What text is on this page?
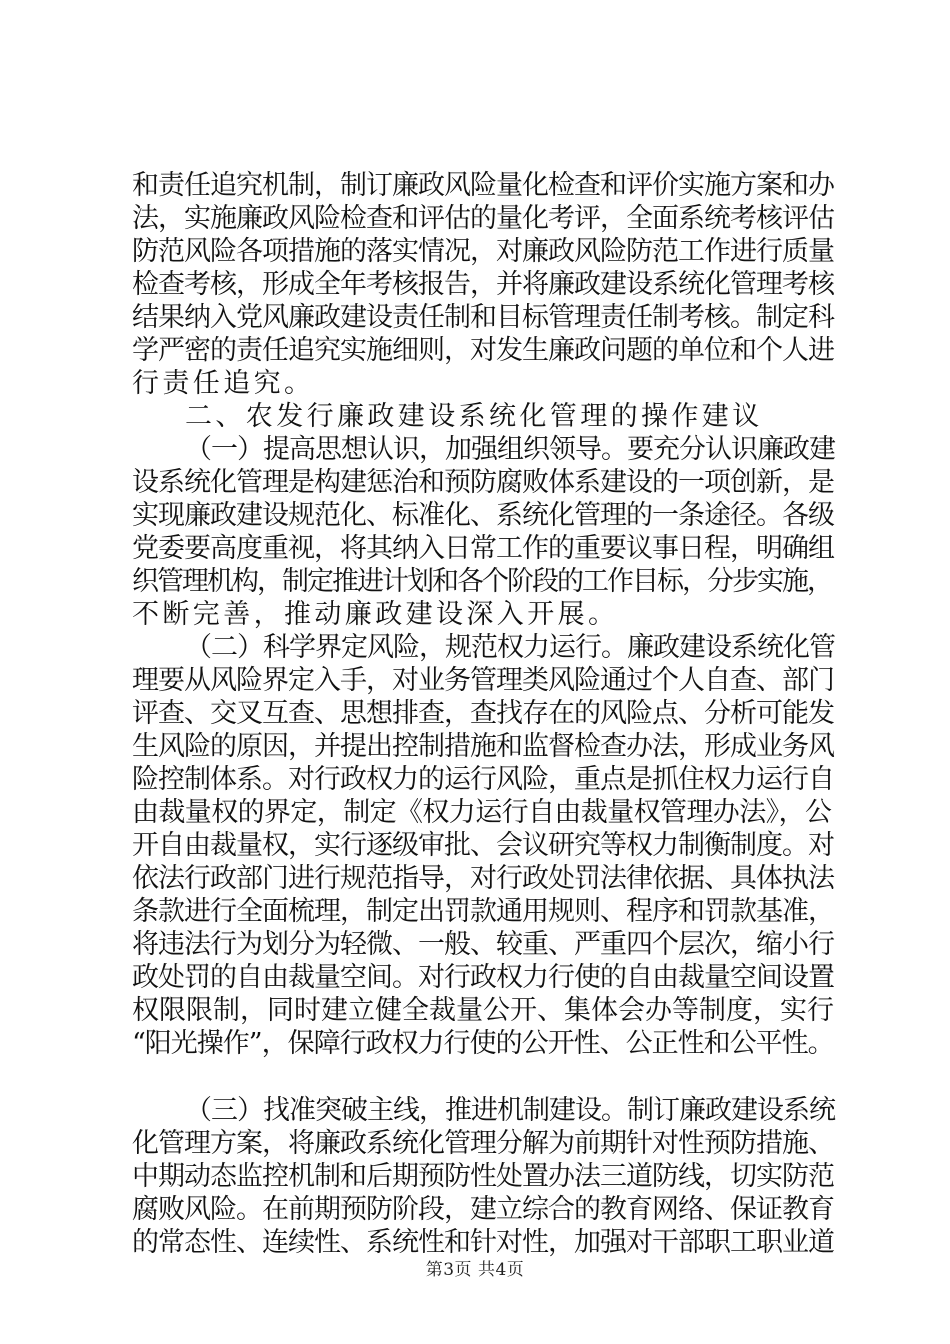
和责任追究机制，制订廉政风险量化检查和评价实施方案和办
法，实施廉政风险检查和评估的量化考评，全面系统考核评估
防范风险各项措施的落实情况，对廉政风险防范工作进行质量
检查考核，形成全年考核报告，并将廉政建设系统化管理考核
结果纳入党风廉政建设责任制和目标管理责任制考核。制定科
学严密的责任追究实施细则，对发生廉政问题的单位和个人进
行责任追究。
二、农发行廉政建设系统化管理的操作建议
（一）提高思想认识，加强组织领导。要充分认识廉政建
设系统化管理是构建惩治和预防腐败体系建设的一项创新，是
实现廉政建设规范化、标准化、系统化管理的一条途径。各级
党委要高度重视，将其纳入日常工作的重要议事日程，明确组
织管理机构，制定推进计划和各个阶段的工作目标，分步实施，
不断完善，推动廉政建设深入开展。
（二）科学界定风险，规范权力运行。廉政建设系统化管
理要从风险界定入手，对业务管理类风险通过个人自查、部门
评查、交叉互查、思想排查，查找存在的风险点、分析可能发
生风险的原因，并提出控制措施和监督检查办法，形成业务风
险控制体系。对行政权力的运行风险，重点是抓住权力运行自
由裁量权的界定，制定《权力运行自由裁量权管理办法》，公
开自由裁量权，实行逐级审批、会议研究等权力制衡制度。对
依法行政部门进行规范指导，对行政处罚法律依据、具体执法
条款进行全面梳理，制定出罚款通用规则、程序和罚款基准，
将违法行为划分为轻微、一般、较重、严重四个层次，缩小行
政处罚的自由裁量空间。对行政权力行使的自由裁量空间设置
权限限制，同时建立健全裁量公开、集体会办等制度，实行
“阳光操作”，保障行政权力行使的公开性、公正性和公平性。
（三）找准突破主线，推进机制建设。制订廉政建设系统
化管理方案，将廉政系统化管理分解为前期针对性预防措施、
中期动态监控机制和后期预防性处置办法三道防线，切实防范
腐败风险。在前期预防阶段，建立综合的教育网络、保证教育
的常态性、连续性、系统性和针对性，加强对干部职工职业道
第3页 共4页
